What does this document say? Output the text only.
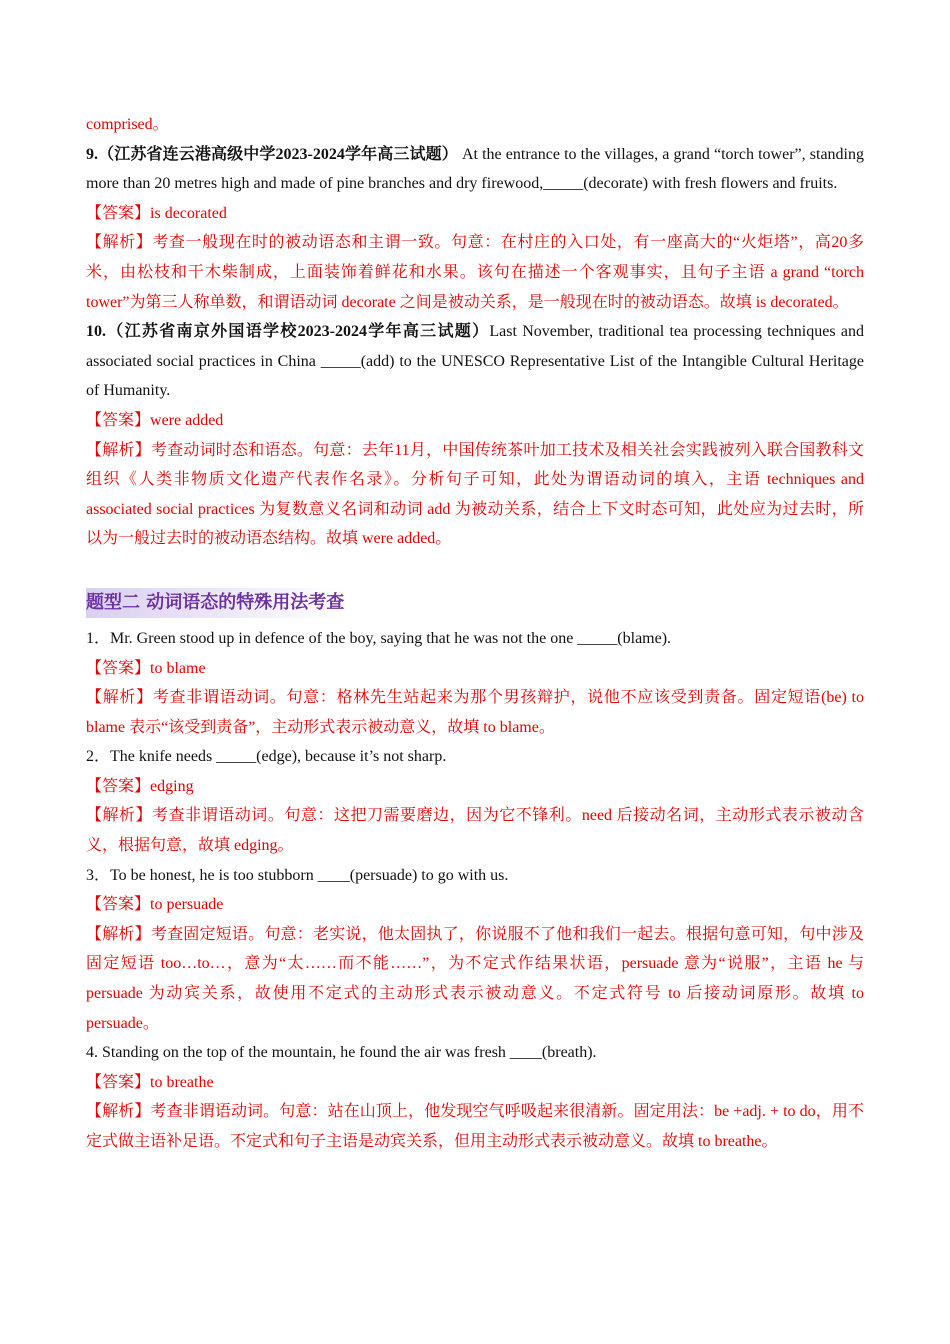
comprised。

9.（江苏省连云港高级中学2023-2024学年高三试题） At the entrance to the villages, a grand “torch tower”, standing more than 20 metres high and made of pine branches and dry firewood,_____(decorate) with fresh flowers and fruits.

【答案】is decorated

【解析】考查一般现在时的被动语态和主谓一致。句意：在村庄的入口处，有一座高大的“火炬塔”，高20多米，由松枝和干木柴制成，上面装饰着鲜花和水果。该句在描述一个客观事实，且句子主语 a grand “torch tower”为第三人称单数，和谓语动词 decorate 之间是被动关系，是一般现在时的被动语态。故填 is decorated。

10.（江苏省南京外国语学校2023-2024学年高三试题）Last November, traditional tea processing techniques and associated social practices in China _____(add) to the UNESCO Representative List of the Intangible Cultural Heritage of Humanity.

【答案】were added

【解析】考查动词时态和语态。句意：去年11月，中国传统茶叶加工技术及相关社会实践被列入联合国教科文组织《人类非物质文化遗产代表作名录》。分析句子可知，此处为谓语动词的填入，主语 techniques and associated social practices 为复数意义名词和动词 add 为被动关系，结合上下文时态可知，此处应为过去时，所以为一般过去时的被动语态结构。故填 were added。

题型二 动词语态的特殊用法考查

1．Mr. Green stood up in defence of the boy, saying that he was not the one _____(blame).

【答案】to blame

【解析】考查非谓语动词。句意：格林先生站起来为那个男孩辩护，说他不应该受到责备。固定短语(be) to blame 表示“该受到责备”，主动形式表示被动意义，故填 to blame。

2．The knife needs _____(edge), because it’s not sharp.

【答案】edging

【解析】考查非谓语动词。句意：这把刀需要磨边，因为它不锋利。need 后接动名词，主动形式表示被动含义，根据句意，故填 edging。

3．To be honest, he is too stubborn ____(persuade) to go with us.

【答案】to persuade

【解析】考查固定短语。句意：老实说，他太固执了，你说服不了他和我们一起去。根据句意可知，句中涉及固定短语 too…to…，意为“太……而不能……”，为不定式作结果状语，persuade 意为“说服”，主语 he 与 persuade 为动宾关系，故使用不定式的主动形式表示被动意义。不定式符号 to 后接动词原形。故填 to persuade。

4. Standing on the top of the mountain, he found the air was fresh ____(breath).

【答案】to breathe

【解析】考查非谓语动词。句意：站在山顶上，他发现空气呼吸起来很清新。固定用法：be +adj. + to do，用不定式做主语补足语。不定式和句子主语是动宾关系，但用主动形式表示被动意义。故填 to breathe。
